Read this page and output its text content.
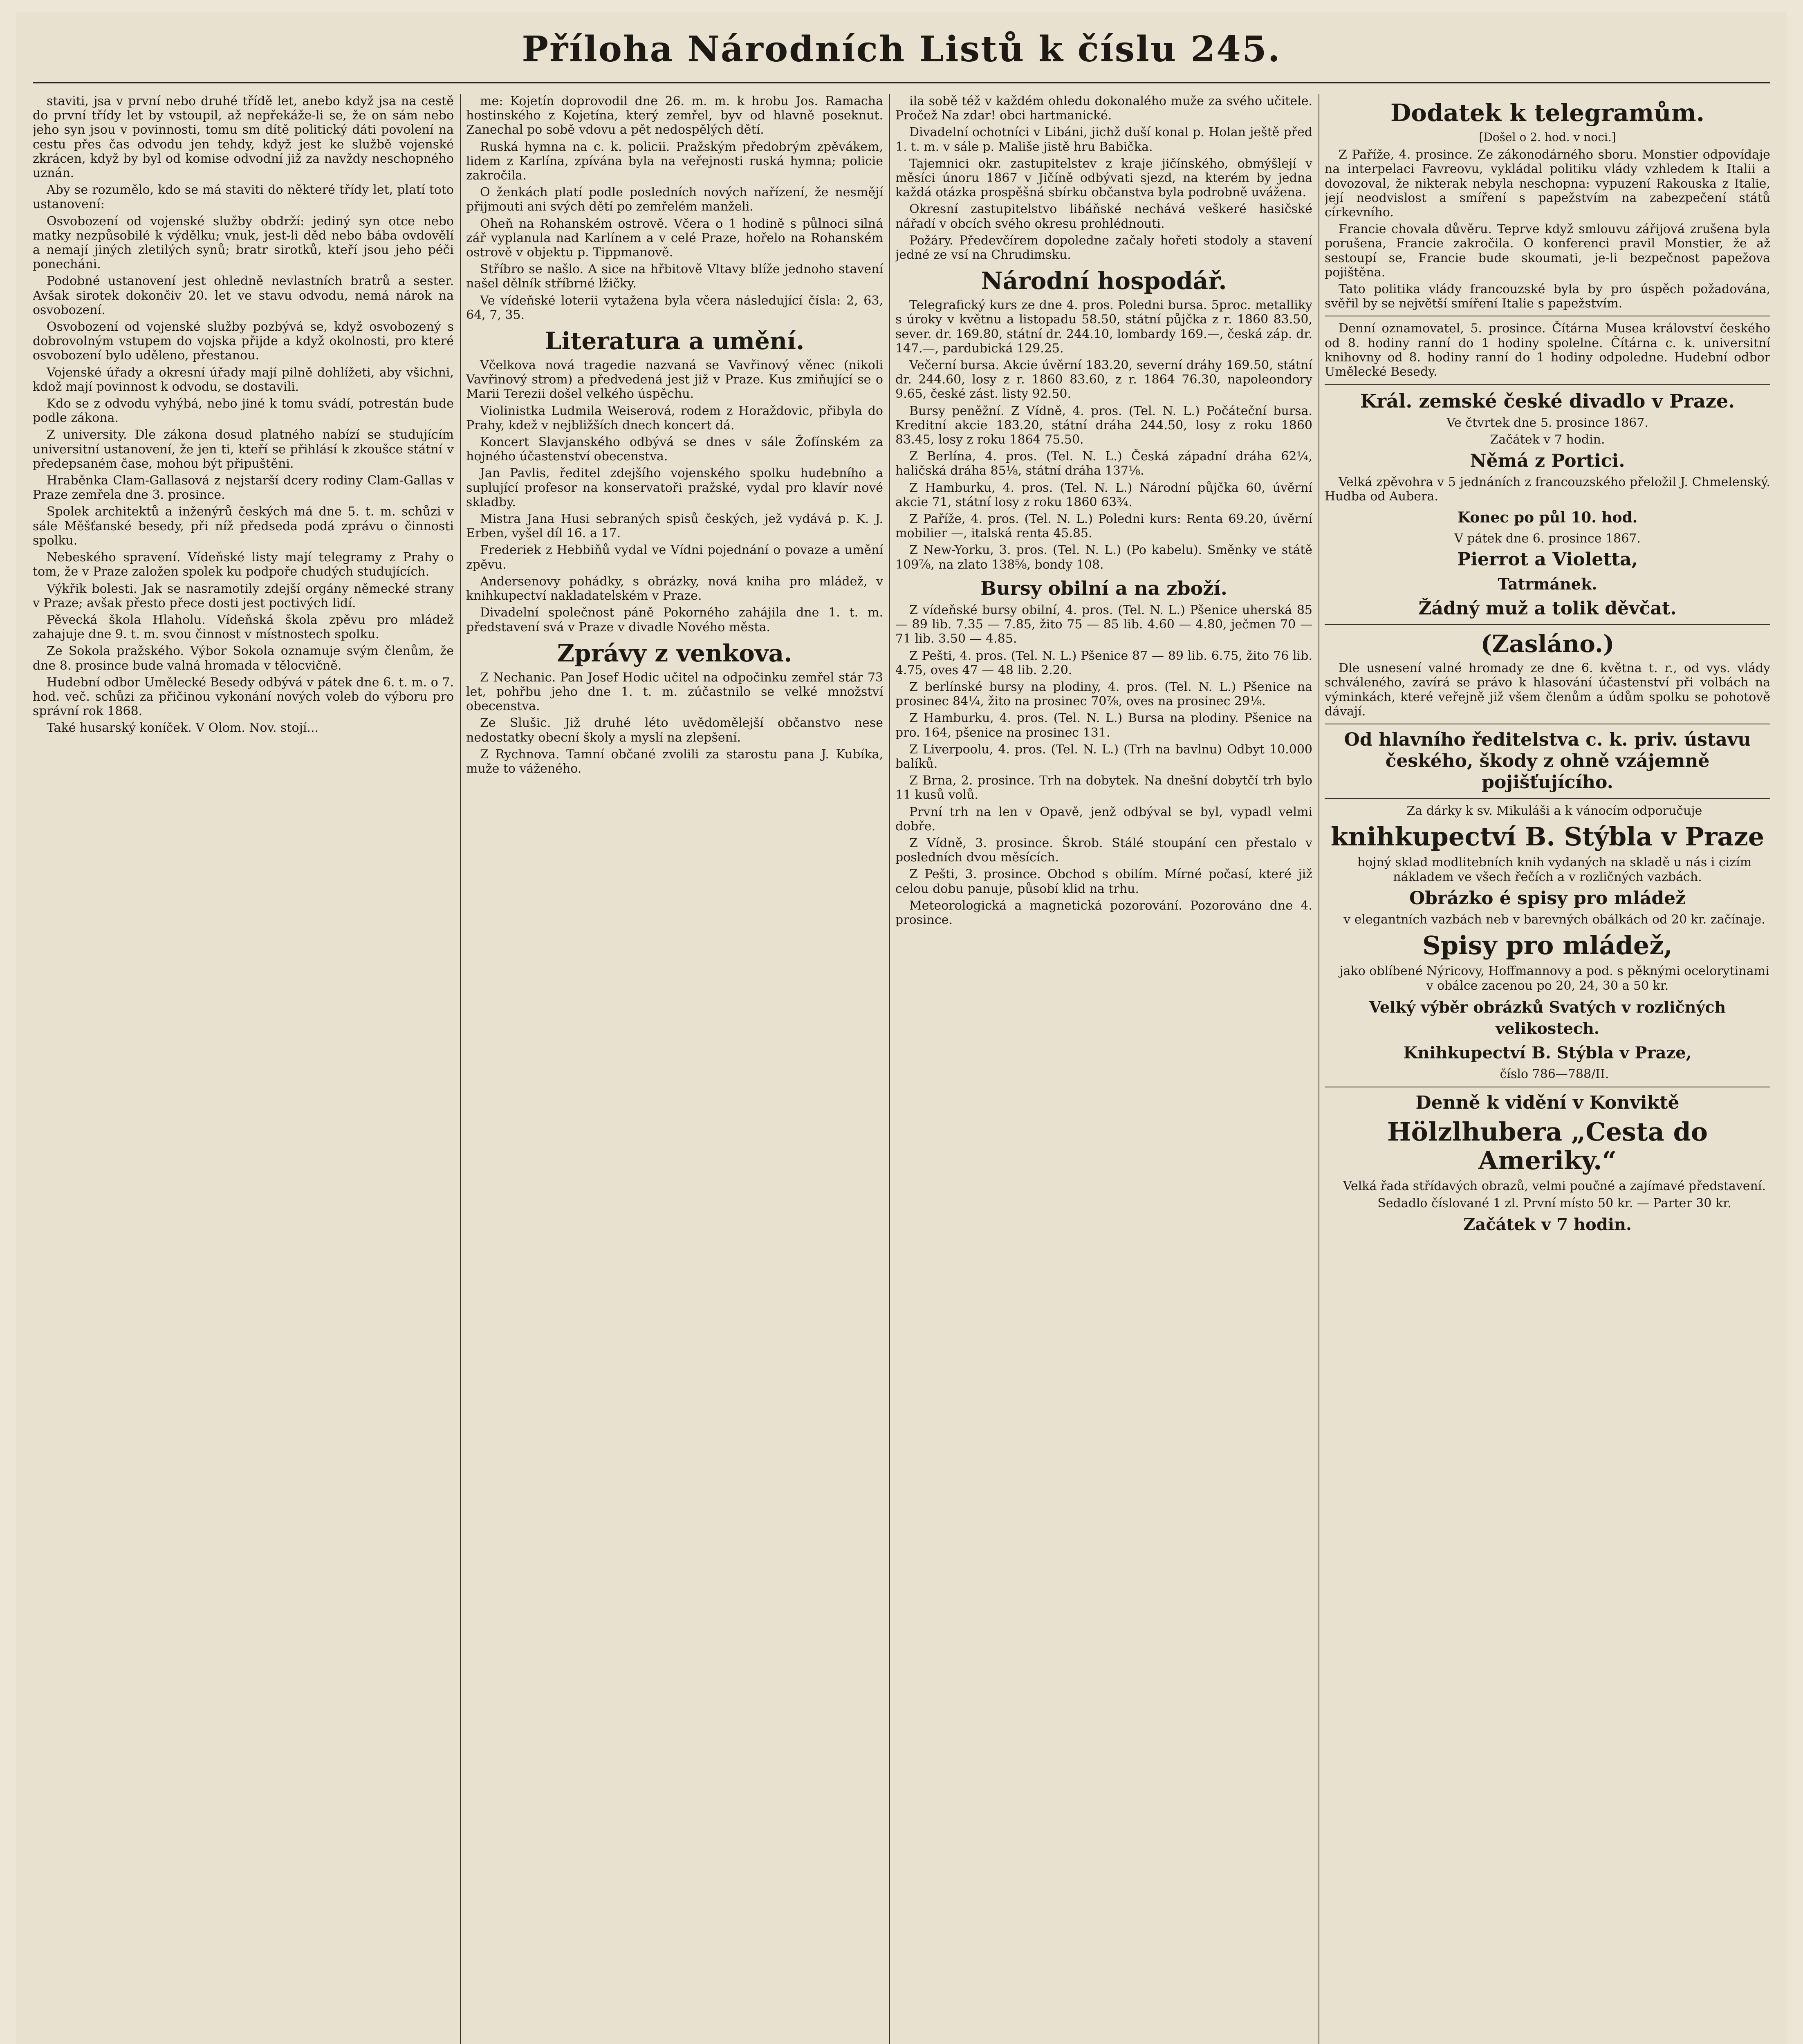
Příloha Národních Listů k číslu 245.

staviti, jsa v první nebo druhé třídě let, anebo když jsa na cestě do první třídy let by vstoupil, až nepřekáže-li se, že on sám nebo jeho syn jsou v povinnosti, tomu sm dítě politický dáti povolení na cestu přes čas odvodu jen tehdy, když jest ke službě vojenské zkrácen, když by byl od komise odvodní již za navždy neschopného uznán.

Aby se rozumělo, kdo se má staviti do některé třídy let, platí toto ustanovení:

Osvobození od vojenské služby obdrží: jediný syn otce nebo matky nezpůsobilé k výdělku; vnuk, jest-li děd nebo bába ovdovělí a nemají jiných zletilých synů; bratr sirotků, kteří jsou jeho péči ponecháni.

Podobné ustanovení jest ohledně nevlastních bratrů a sester. Avšak sirotek dokončiv 20. let ve stavu odvodu, nemá nárok na osvobození.

Osvobození od vojenské služby pozbývá se, když osvobozený s dobrovolným vstupem do vojska přijde a když okolnosti, pro které osvobození bylo uděleno, přestanou.

Vojenské úřady a okresní úřady mají pilně dohlížeti, aby všichni, kdož mají povinnost k odvodu, se dostavili.

Kdo se z odvodu vyhýbá, nebo jiné k tomu svádí, potrestán bude podle zákona.

Z university. Dle zákona dosud platného nabízí se studujícím universitní ustanovení, že jen ti, kteří se přihlásí k zkoušce státní v předepsaném čase, mohou být připuštěni.

Hraběnka Clam-Gallasová z nejstarší dcery rodiny Clam-Gallas v Praze zemřela dne 3. prosince.

Spolek architektů a inženýrů českých má dne 5. t. m. schůzi v sále Měšťanské besedy, při níž předseda podá zprávu o činnosti spolku.

Nebeského spravení. Vídeňské listy mají telegramy z Prahy o tom, že v Praze založen spolek ku podpoře chudých studujících.

Výkřik bolesti. Jak se nasramotily zdejší orgány německé strany v Praze; avšak přesto přece dosti jest poctivých lidí.

Pěvecká škola Hlaholu. Vídeňská škola zpěvu pro mládež zahajuje dne 9. t. m. svou činnost v místnostech spolku.

Ze Sokola pražského. Výbor Sokola oznamuje svým členům, že dne 8. prosince bude valná hromada v tělocvičně.

Hudební odbor Umělecké Besedy odbývá v pátek dne 6. t. m. o 7. hod. več. schůzi za přičinou vykonání nových voleb do výboru pro správní rok 1868.

Také husarský koníček. V Olom. Nov. stojí...

me: Kojetín doprovodil dne 26. m. m. k hrobu Jos. Ramacha hostinského z Kojetína, který zemřel, byv od hlavně poseknut. Zanechal po sobě vdovu a pět nedospělých dětí.

Ruská hymna na c. k. policii. Pražským předobrým zpěvákem, lidem z Karlína, zpívána byla na veřejnosti ruská hymna; policie zakročila.

O ženkách platí podle posledních nových nařízení, že nesmějí přijmouti ani svých dětí po zemřelém manželi.

Oheň na Rohanském ostrově. Včera o 1 hodině s půlnoci silná zář vyplanula nad Karlínem a v celé Praze, hořelo na Rohanském ostrově v objektu p. Tippmanově.

Stříbro se našlo. A sice na hřbitově Vltavy blíže jednoho stavení našel dělník stříbrné lžičky.

Ve vídeňské loterii vytažena byla včera následující čísla: 2, 63, 64, 7, 35.

Literatura a umění.

Včelkova nová tragedie nazvaná se Vavřinový věnec (nikoli Vavřinový strom) a předvedená jest již v Praze. Kus zmiňující se o Marii Terezii došel velkého úspěchu.

Violinistka Ludmila Weiserová, rodem z Horaždovic, přibyla do Prahy, kdež v nejbližších dnech koncert dá.

Koncert Slavjanského odbývá se dnes v sále Žofínském za hojného účastenství obecenstva.

Jan Pavlis, ředitel zdejšího vojenského spolku hudebního a suplující profesor na konservatoři pražské, vydal pro klavír nové skladby.

Mistra Jana Husi sebraných spisů českých, jež vydává p. K. J. Erben, vyšel díl 16. a 17.

Frederiek z Hebbiňů vydal ve Vídni pojednání o povaze a umění zpěvu.

Andersenovy pohádky, s obrázky, nová kniha pro mládež, v knihkupectví nakladatelském v Praze.

Divadelní společnost páně Pokorného zahájila dne 1. t. m. představení svá v Praze v divadle Nového města.

Zprávy z venkova.

Z Nechanic. Pan Josef Hodic učitel na odpočinku zemřel stár 73 let, pohřbu jeho dne 1. t. m. zúčastnilo se velké množství obecenstva.

Ze Slušic. Již druhé léto uvědomělejší občanstvo nese nedostatky obecní školy a myslí na zlepšení.

Z Rychnova. Tamní občané zvolili za starostu pana J. Kubíka, muže to váženého.

ila sobě též v každém ohledu dokonalého muže za svého učitele. Pročež Na zdar! obci hartmanické.

Divadelní ochotníci v Libáni, jichž duší konal p. Holan ještě před 1. t. m. v sále p. Mališe jistě hru Babička.

Tajemnici okr. zastupitelstev z kraje jičínského, obmýšlejí v měsíci únoru 1867 v Jičíně odbývati sjezd, na kterém by jedna každá otázka prospěšná sbírku občanstva byla podrobně uvážena.

Okresní zastupitelstvo libáňské nechává veškeré hasičské nářadí v obcích svého okresu prohlédnouti.

Požáry. Předevčírem dopoledne začaly hořeti stodoly a stavení jedné ze vsí na Chrudimsku.

Národní hospodář.

Telegrafický kurs ze dne 4. pros. Poledni bursa. 5proc. metalliky s úroky v květnu a listopadu 58.50, státní půjčka z r. 1860 83.50, sever. dr. 169.80, státní dr. 244.10, lombardy 169.—, česká záp. dr. 147.—, pardubická 129.25.

Večerní bursa. Akcie úvěrní 183.20, severní dráhy 169.50, státní dr. 244.60, losy z r. 1860 83.60, z r. 1864 76.30, napoleondory 9.65, české zást. listy 92.50.

Bursy peněžní. Z Vídně, 4. pros. (Tel. N. L.) Počáteční bursa. Kreditní akcie 183.20, státní dráha 244.50, losy z roku 1860 83.45, losy z roku 1864 75.50.

Z Berlína, 4. pros. (Tel. N. L.) Česká západní dráha 62¼, haličská dráha 85⅛, státní dráha 137⅛.

Z Hamburku, 4. pros. (Tel. N. L.) Národní půjčka 60, úvěrní akcie 71, státní losy z roku 1860 63¾.

Z Paříže, 4. pros. (Tel. N. L.) Poledni kurs: Renta 69.20, úvěrní mobilier —, italská renta 45.85.

Z New-Yorku, 3. pros. (Tel. N. L.) (Po kabelu). Směnky ve státě 109⅞, na zlato 138⅝, bondy 108.

Bursy obilní a na zboží.

Z vídeňské bursy obilní, 4. pros. (Tel. N. L.) Pšenice uherská 85 — 89 lib. 7.35 — 7.85, žito 75 — 85 lib. 4.60 — 4.80, ječmen 70 — 71 lib. 3.50 — 4.85.

Z Pešti, 4. pros. (Tel. N. L.) Pšenice 87 — 89 lib. 6.75, žito 76 lib. 4.75, oves 47 — 48 lib. 2.20.

Z berlínské bursy na plodiny, 4. pros. (Tel. N. L.) Pšenice na prosinec 84¼, žito na prosinec 70⅞, oves na prosinec 29⅛.

Z Hamburku, 4. pros. (Tel. N. L.) Bursa na plodiny. Pšenice na pro. 164, pšenice na prosinec 131.

Z Liverpoolu, 4. pros. (Tel. N. L.) (Trh na bavlnu) Odbyt 10.000 balíků.

Z Brna, 2. prosince. Trh na dobytek. Na dnešní dobytčí trh bylo 11 kusů volů.

První trh na len v Opavě, jenž odbýval se byl, vypadl velmi dobře.

Z Vídně, 3. prosince. Škrob. Stálé stoupání cen přestalo v posledních dvou měsících.

Z Pešti, 3. prosince. Obchod s obilím. Mírné počasí, které již celou dobu panuje, působí klid na trhu.

Meteorologická a magnetická pozorování. Pozorováno dne 4. prosince.

Dodatek k telegramům.
[Došel o 2. hod. v noci.]

Z Paříže, 4. prosince. Ze zákonodárného sboru. Monstier odpovídaje na interpelaci Favreovu, vykládal politiku vlády vzhledem k Italii a dovozoval, že nikterak nebyla neschopna: vypuzení Rakouska z Italie, její neodvislost a smíření s papežstvím na zabezpečení států církevního.

Francie chovala důvěru. Teprve když smlouvu zářijová zrušena byla porušena, Francie zakročila. O konferenci pravil Monstier, že až sestoupí se, Francie bude skoumati, je-li bezpečnost papežova pojištěna.

Tato politika vlády francouzské byla by pro úspěch požadována, svěřil by se největší smíření Italie s papežstvím.

Denní oznamovatel, 5. prosince. Čítárna Musea království českého od 8. hodiny ranní do 1 hodiny spolelne. Čítárna c. k. universitní knihovny od 8. hodiny ranní do 1 hodiny odpoledne. Hudební odbor Umělecké Besedy.

Král. zemské české divadlo v Praze.

Ve čtvrtek dne 5. prosince 1867.

Začátek v 7 hodin.

Němá z Portici.

Velká zpěvohra v 5 jednáních z francouzského přeložil J. Chmelenský. Hudba od Aubera.

Konec po půl 10. hod.

V pátek dne 6. prosince 1867.

Pierrot a Violetta,
Tatrmánek.
Žádný muž a tolik děvčat.
(Zasláno.)

Dle usnesení valné hromady ze dne 6. května t. r., od vys. vlády schváleného, zavírá se právo k hlasování účastenství při volbách na výminkách, které veřejně již všem členům a údům spolku se pohotově dávají.

Od hlavního ředitelstva c. k. priv. ústavu českého, škody z ohně vzájemně pojišťujícího.

Za dárky k sv. Mikuláši a k vánocím odporučuje

knihkupectví B. Stýbla v Praze

hojný sklad modlitebních knih vydaných na skladě u nás i cizím nákladem ve všech řečích a v rozličných vazbách.

Obrázko é spisy pro mládež

v elegantních vazbách neb v barevných obálkách od 20 kr. začínaje.

Spisy pro mládež,

jako oblíbené Nýricovy, Hoffmannovy a pod. s pěknými ocelorytinami v obálce zacenou po 20, 24, 30 a 50 kr.

Velký výběr obrázků Svatých v rozličných velikostech.
Knihkupectví B. Stýbla v Praze,

číslo 786—788/II.

Denně k vidění v Konviktě
Hölzlhubera „Cesta do Ameriky.“

Velká řada střídavých obrazů, velmi poučné a zajímavé představení.

Sedadlo číslované 1 zl. První místo 50 kr. — Parter 30 kr.

Začátek v 7 hodin.
